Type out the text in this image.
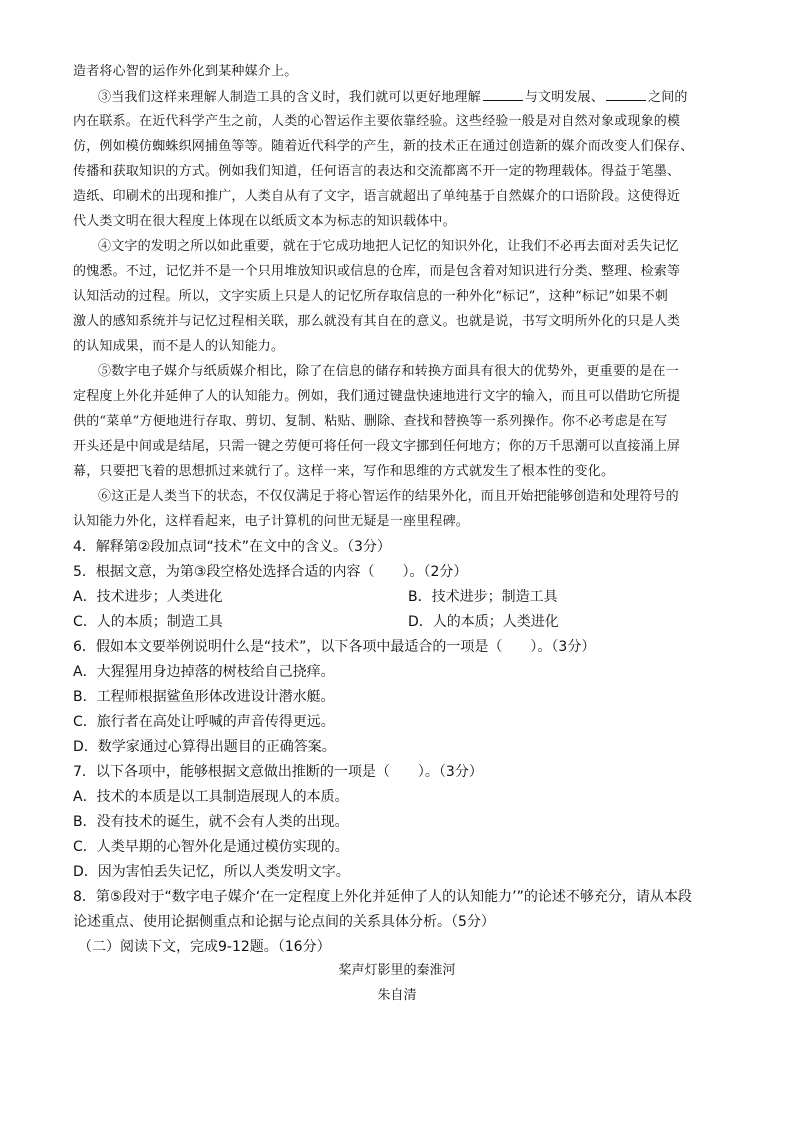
造者将心智的运作外化到某种媒介上。

③当我们这样来理解人制造工具的含义时，我们就可以更好地理解	与文明发展、	之间的

内在联系。在近代科学产生之前，人类的心智运作主要依靠经验。这些经验一般是对自然对象或现象的模

仿，例如模仿蜘蛛织网捕鱼等等。随着近代科学的产生，新的技术正在通过创造新的媒介而改变人们保存、

传播和获取知识的方式。例如我们知道，任何语言的表达和交流都离不开一定的物理载体。得益于笔墨、

造纸、印刷术的出现和推广，人类自从有了文字，语言就超出了单纯基于自然媒介的口语阶段。这使得近

代人类文明在很大程度上体现在以纸质文本为标志的知识载体中。

④文字的发明之所以如此重要，就在于它成功地把人记忆的知识外化，让我们不必再去面对丢失记忆

的愧悉。不过，记忆并不是一个只用堆放知识或信息的仓库，而是包含着对知识进行分类、整理、检索等

认知活动的过程。所以，文字实质上只是人的记忆所存取信息的一种外化“标记”，这种“标记”如果不刺

激人的感知系统并与记忆过程相关联，那么就没有其自在的意义。也就是说，书写文明所外化的只是人类

的认知成果，而不是人的认知能力。

⑤数字电子媒介与纸质媒介相比，除了在信息的储存和转换方面具有很大的优势外，更重要的是在一

定程度上外化并延伸了人的认知能力。例如，我们通过键盘快速地进行文字的输入，而且可以借助它所提

供的“菜单”方便地进行存取、剪切、复制、粘贴、删除、查找和替换等一系列操作。你不必考虑是在写

开头还是中间或是结尾，只需一键之劳便可将任何一段文字挪到任何地方；你的万千思潮可以直接涌上屏

幕，只要把飞着的思想抓过来就行了。这样一来，写作和思维的方式就发生了根本性的变化。

⑥这正是人类当下的状态，不仅仅满足于将心智运作的结果外化，而且开始把能够创造和处理符号的

认知能力外化，这样看起来，电子计算机的问世无疑是一座里程碑。

4．解释第②段加点词“技术”在文中的含义。（3分）

5．根据文意，为第③段空格处选择合适的内容（　　）。（2分）

A．技术进步；人类进化	B．技术进步；制造工具

C．人的本质；制造工具	D．人的本质；人类进化

6．假如本文要举例说明什么是“技术”，以下各项中最适合的一项是（　　）。（3分）

A．大猩猩用身边掉落的树枝给自己挠痒。

B．工程师根据鲨鱼形体改进设计潜水艇。

C．旅行者在高处让呼喊的声音传得更远。

D．数学家通过心算得出题目的正确答案。

7．以下各项中，能够根据文意做出推断的一项是（　　）。（3分）

A．技术的本质是以工具制造展现人的本质。

B．没有技术的诞生，就不会有人类的出现。

C．人类早期的心智外化是通过模仿实现的。

D．因为害怕丢失记忆，所以人类发明文字。

8．第⑤段对于“数字电子媒介‘在一定程度上外化并延伸了人的认知能力’”的论述不够充分，请从本段

论述重点、使用论据侧重点和论据与论点间的关系具体分析。（5分）

（二）阅读下文，完成9-12题。（16分）

桨声灯影里的秦淮河

朱自清
